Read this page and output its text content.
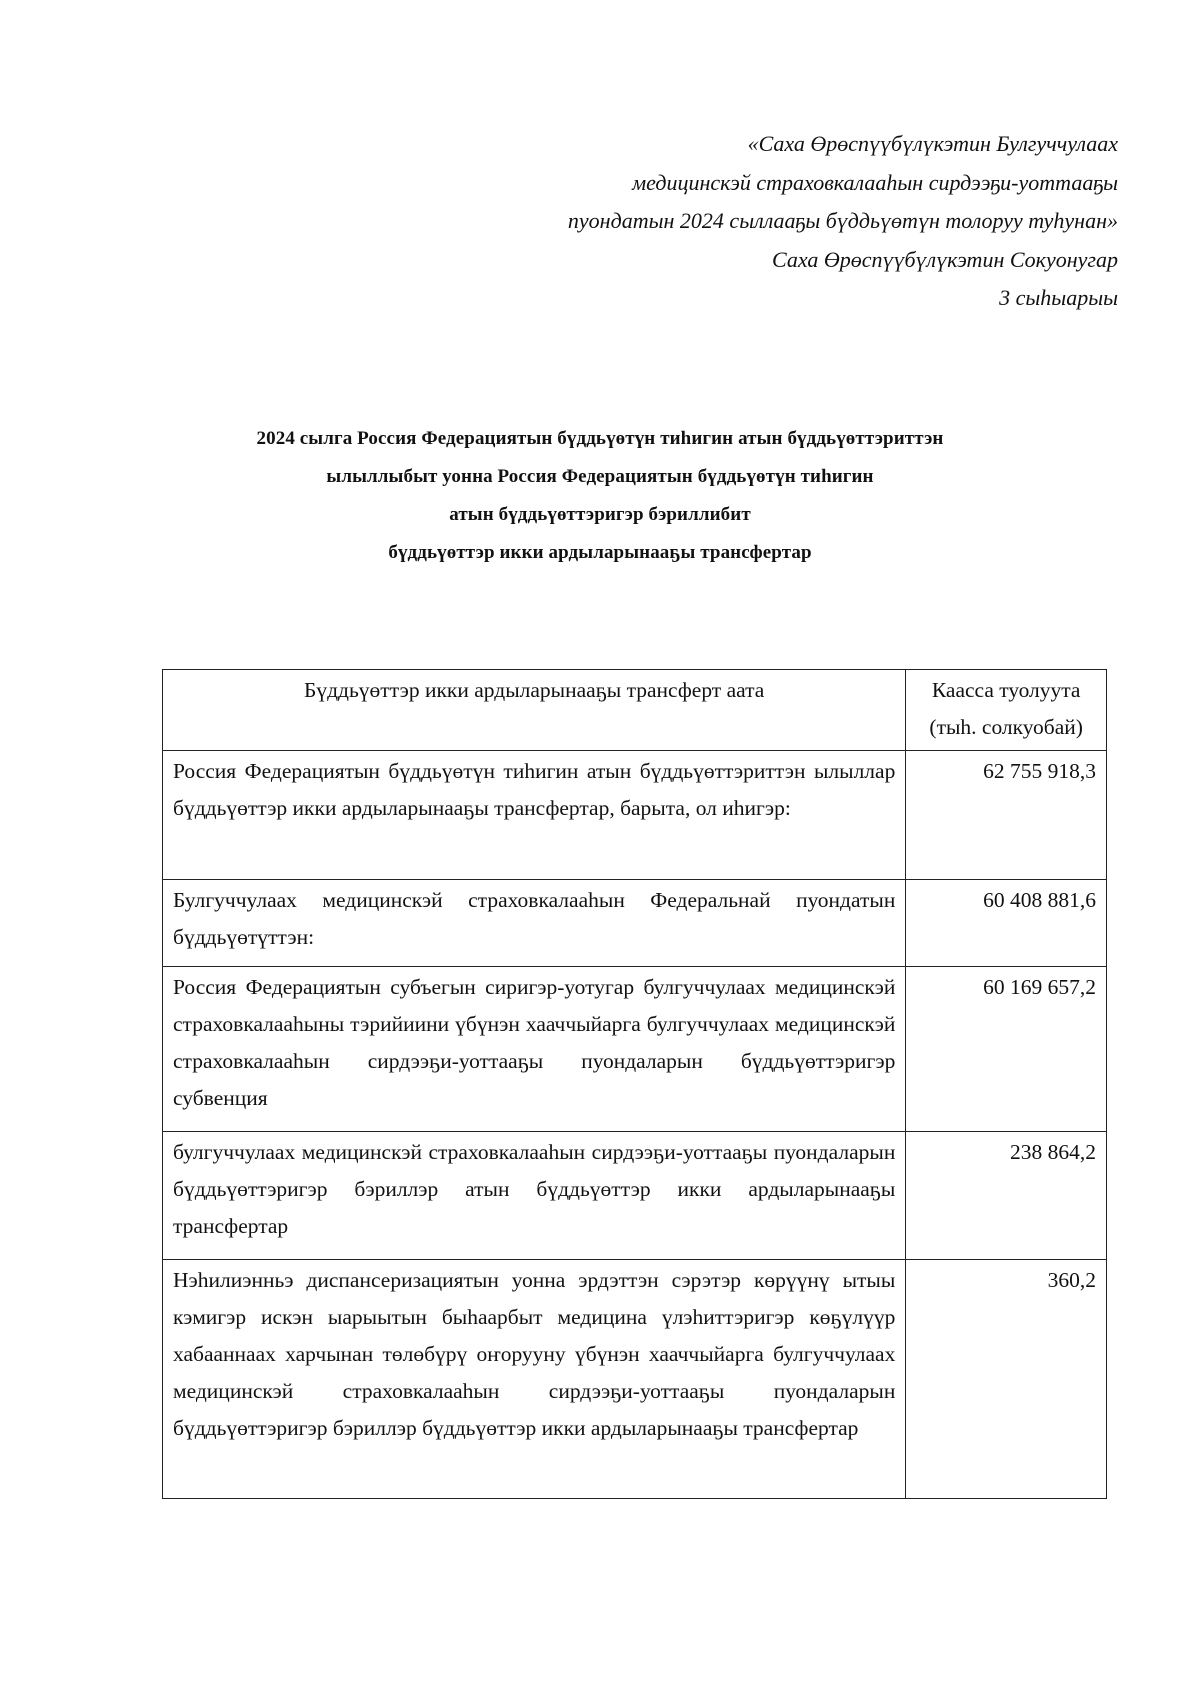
«Саха Өрөспүүбүлүкэтин Булгуччулаах
медицинскэй страховкалааһын сирдээҕи-уоттааҕы
пуондатын 2024 сыллааҕы бүддьүөтүн толоруу туһунан»
Саха Өрөспүүбүлүкэтин Сокуонугар
3 сыһыарыы
2024 сылга Россия Федерациятын бүддьүөтүн тиһигин атын бүддьүөттэриттэн
ылыллыбыт уонна Россия Федерациятын бүддьүөтүн тиһигин
атын бүддьүөттэригэр бэриллибит
бүддьүөттэр икки ардыларынааҕы трансфертар
Бүддьүөттэр икки ардыларынааҕы трансферт аата	Каасса туолуута (тыһ. солкуобай)
Россия Федерациятын бүддьүөтүн тиһигин атын бүддьүөттэриттэн ылыллар бүддьүөттэр икки ардыларынааҕы трансфертар, барыта, ол иһигэр:	62 755 918,3
Булгуччулаах медицинскэй страховкалааһын Федеральнай пуондатын бүддьүөтүттэн:	60 408 881,6
Россия Федерациятын субъегын сиригэр-уотугар булгуччулаах медицинскэй страховкалааһыны тэрийиини үбүнэн хааччыйарга булгуччулаах медицинскэй страховкалааһын сирдээҕи-уоттааҕы пуондаларын бүддьүөттэригэр субвенция	60 169 657,2
булгуччулаах медицинскэй страховкалааһын сирдээҕи-уоттааҕы пуондаларын бүддьүөттэригэр бэриллэр атын бүддьүөттэр икки ардыларынааҕы трансфертар	238 864,2
Нэһилиэнньэ диспансеризациятын уонна эрдэттэн сэрэтэр көрүүнү ытыы кэмигэр искэн ыарыытын быһаарбыт медицина үлэһиттэригэр көҕүлүүр хабааннаах харчынан төлөбүрү оҥорууну үбүнэн хааччыйарга булгуччулаах медицинскэй страховкалааһын сирдээҕи-уоттааҕы пуондаларын бүддьүөттэригэр бэриллэр бүддьүөттэр икки ардыларынааҕы трансфертар	360,2
